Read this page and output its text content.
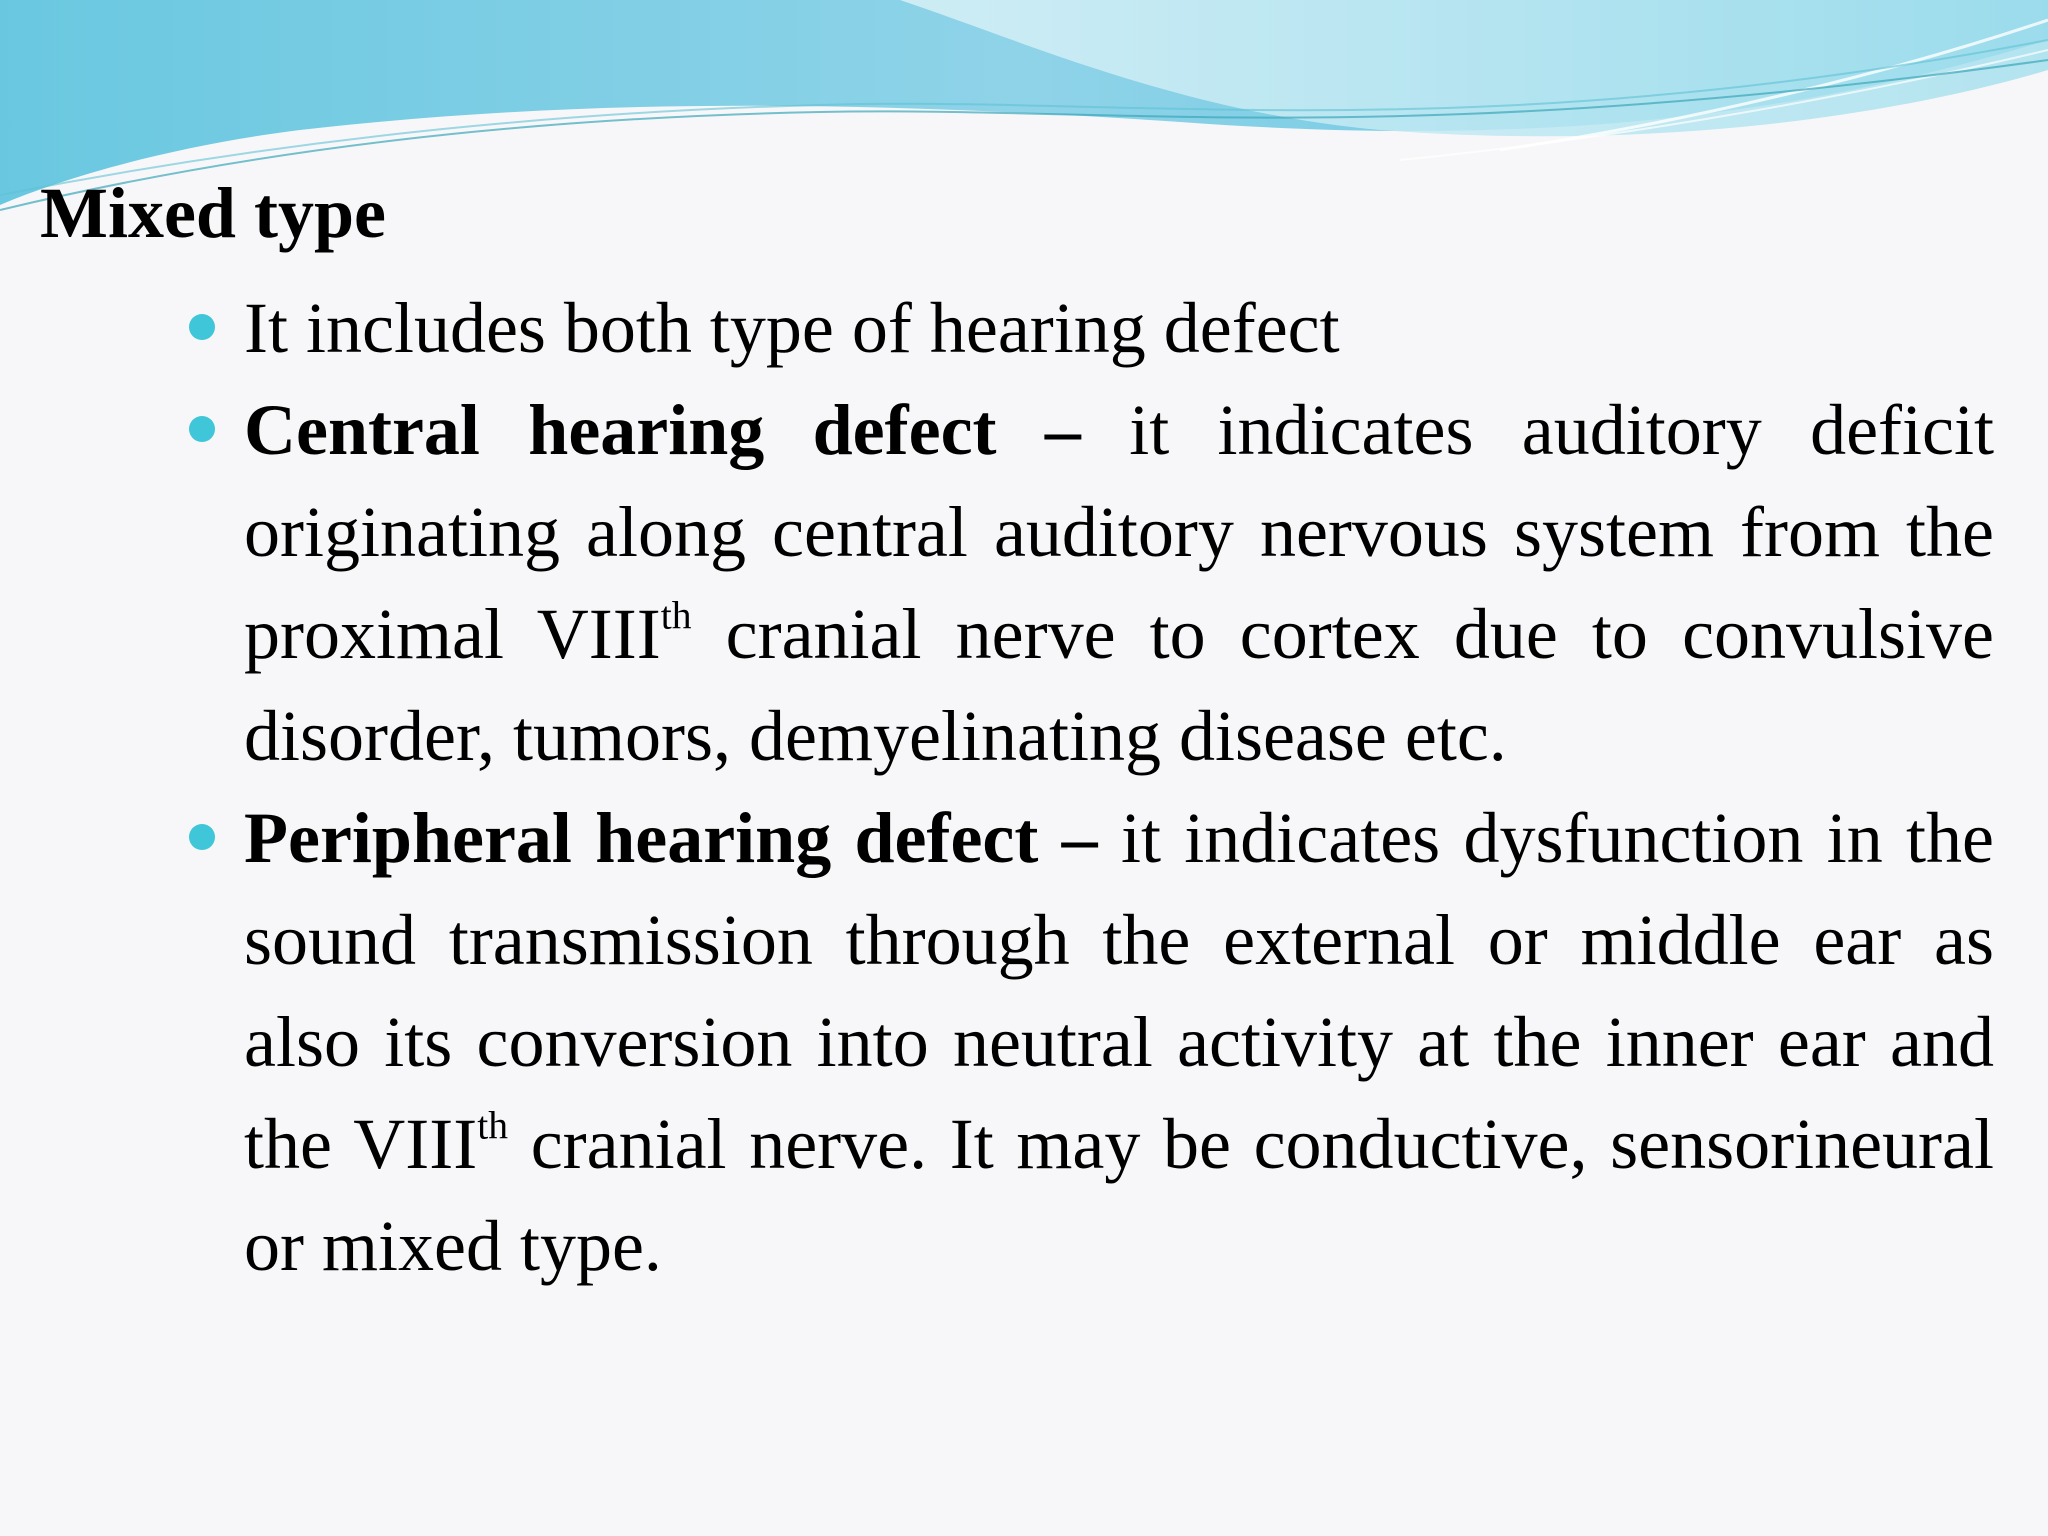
Mixed type
It includes both type of hearing defect
Central hearing defect – it indicates auditory deficit originating along central auditory nervous system from the proximal VIIIth cranial nerve to cortex due to convulsive disorder, tumors, demyelinating disease etc.
Peripheral hearing defect – it indicates dysfunction in the sound transmission through the external or middle ear as also its conversion into neutral activity at the inner ear and the VIIIth cranial nerve. It may be conductive, sensorineural or mixed type.
